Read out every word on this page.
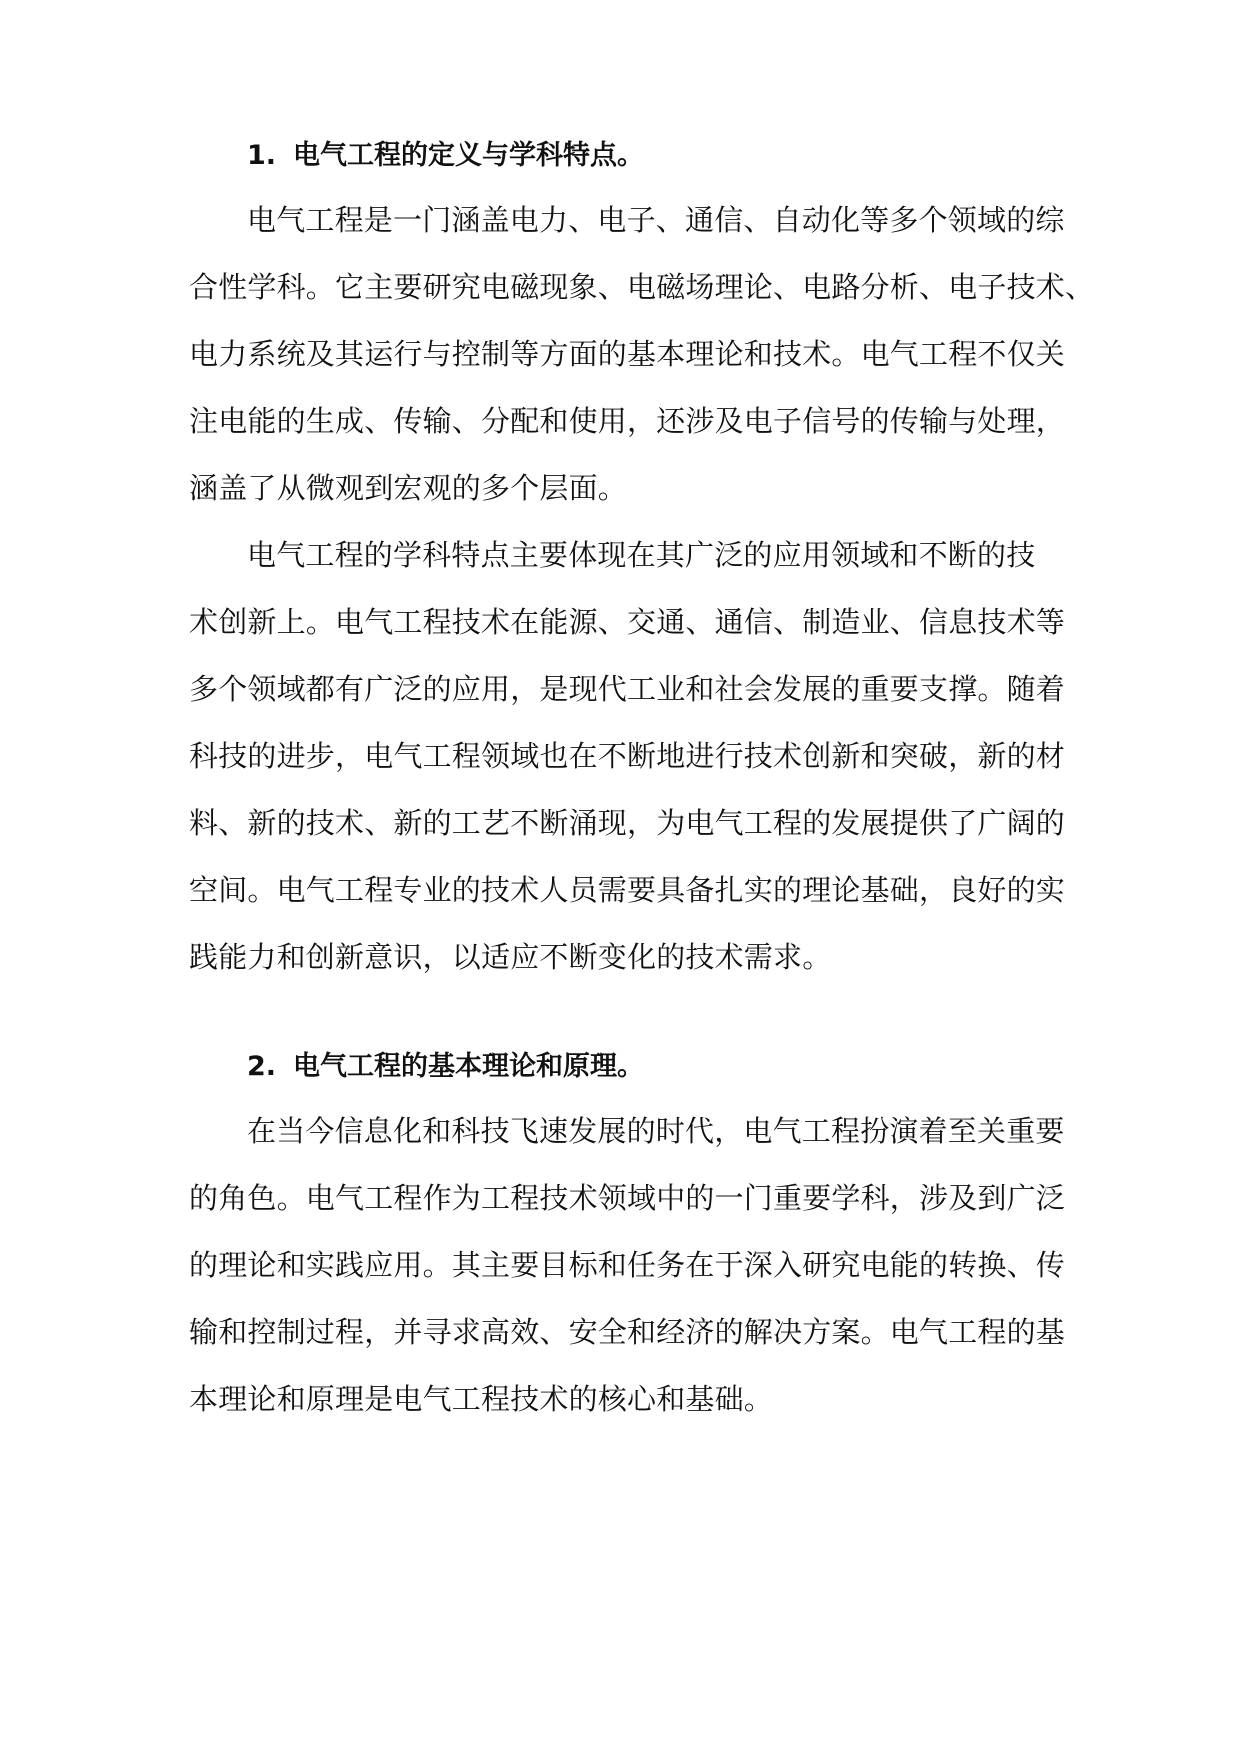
1. 电气工程的定义与学科特点。
电气工程是一门涵盖电力、电子、通信、自动化等多个领域的综
合性学科。它主要研究电磁现象、电磁场理论、电路分析、电子技术、
电力系统及其运行与控制等方面的基本理论和技术。电气工程不仅关
注电能的生成、传输、分配和使用，还涉及电子信号的传输与处理，
涵盖了从微观到宏观的多个层面。
电气工程的学科特点主要体现在其广泛的应用领域和不断的技
术创新上。电气工程技术在能源、交通、通信、制造业、信息技术等
多个领域都有广泛的应用，是现代工业和社会发展的重要支撑。随着
科技的进步，电气工程领域也在不断地进行技术创新和突破，新的材
料、新的技术、新的工艺不断涌现，为电气工程的发展提供了广阔的
空间。电气工程专业的技术人员需要具备扎实的理论基础，良好的实
践能力和创新意识，以适应不断变化的技术需求。
2. 电气工程的基本理论和原理。
在当今信息化和科技飞速发展的时代，电气工程扮演着至关重要
的角色。电气工程作为工程技术领域中的一门重要学科，涉及到广泛
的理论和实践应用。其主要目标和任务在于深入研究电能的转换、传
输和控制过程，并寻求高效、安全和经济的解决方案。电气工程的基
本理论和原理是电气工程技术的核心和基础。
